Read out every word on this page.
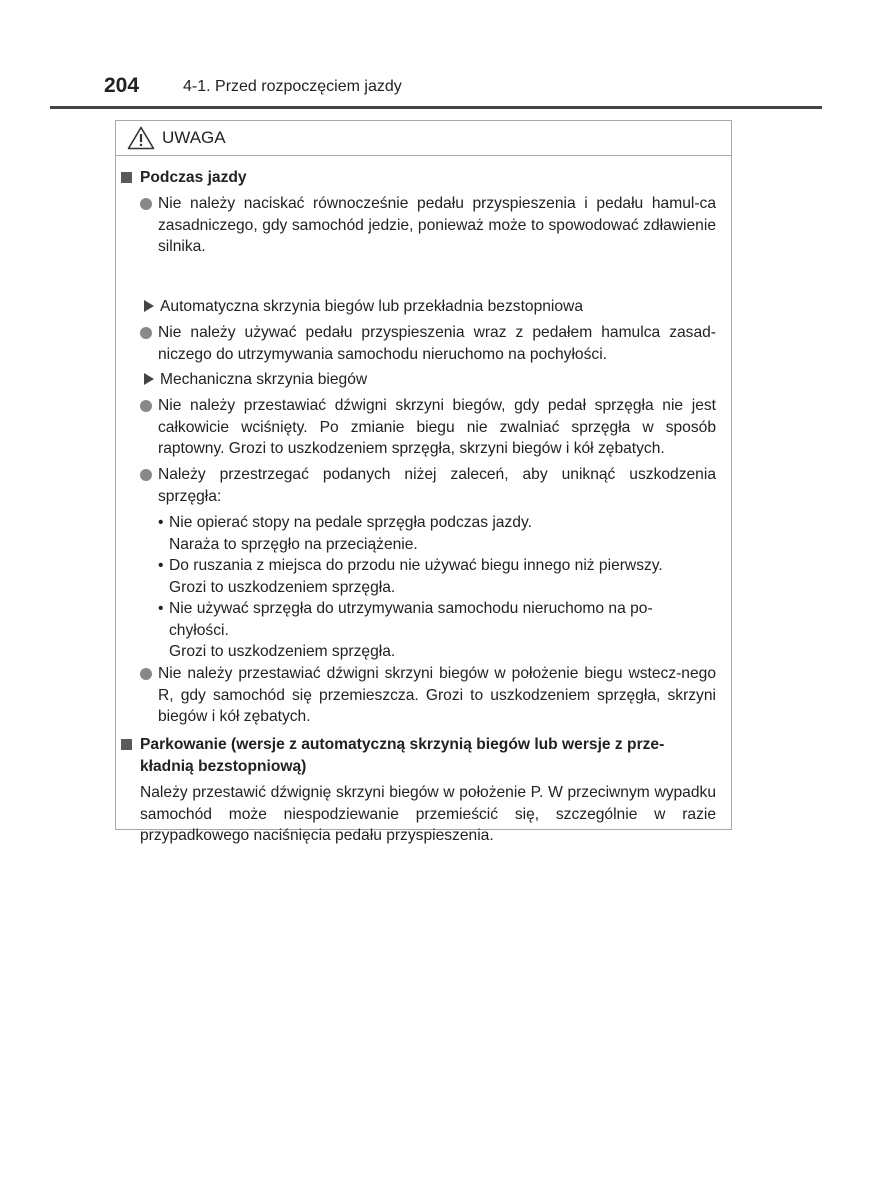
204	4-1. Przed rozpoczęciem jazdy
UWAGA
Podczas jazdy
Nie należy naciskać równocześnie pedału przyspieszenia i pedału hamul-ca zasadniczego, gdy samochód jedzie, ponieważ może to spowodować zdławienie silnika.
Automatyczna skrzynia biegów lub przekładnia bezstopniowa
Nie należy używać pedału przyspieszenia wraz z pedałem hamulca zasad-niczego do utrzymywania samochodu nieruchomo na pochyłości.
Mechaniczna skrzynia biegów
Nie należy przestawiać dźwigni skrzyni biegów, gdy pedał sprzęgła nie jest całkowicie wciśnięty. Po zmianie biegu nie zwalniać sprzęgła w sposób raptowny. Grozi to uszkodzeniem sprzęgła, skrzyni biegów i kół zębatych.
Należy przestrzegać podanych niżej zaleceń, aby uniknąć uszkodzenia sprzęgła:
• Nie opierać stopy na pedale sprzęgła podczas jazdy.
Naraża to sprzęgło na przeciążenie.
• Do ruszania z miejsca do przodu nie używać biegu innego niż pierwszy.
Grozi to uszkodzeniem sprzęgła.
• Nie używać sprzęgła do utrzymywania samochodu nieruchomo na po-
chyłości.
Grozi to uszkodzeniem sprzęgła.
Nie należy przestawiać dźwigni skrzyni biegów w położenie biegu wstecz-nego R, gdy samochód się przemieszcza. Grozi to uszkodzeniem sprzęgła, skrzyni biegów i kół zębatych.
Parkowanie (wersje z automatyczną skrzynią biegów lub wersje z prze-kładnią bezstopniową)
Należy przestawić dźwignię skrzyni biegów w położenie P. W przeciwnym wypadku samochód może niespodziewanie przemieścić się, szczególnie w razie przypadkowego naciśnięcia pedału przyspieszenia.
